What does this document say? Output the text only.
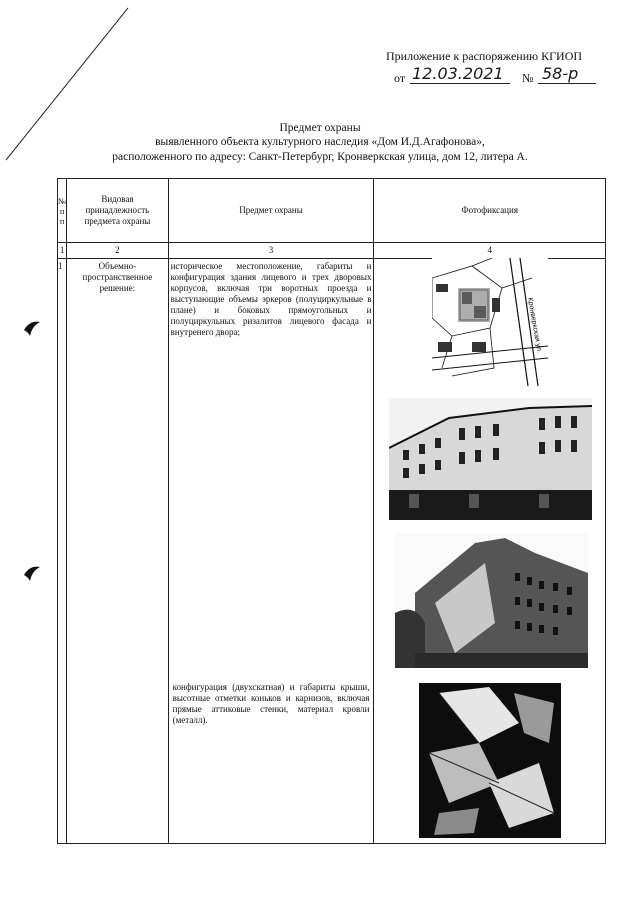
Приложение к распоряжению КГИОП
от 12.03.2021 № 58-р
Предмет охраны
выявленного объекта культурного наследия «Дом И.Д.Агафонова»,
расположенного по адресу: Санкт-Петербург, Кронверкская улица, дом 12, литера А.
№
п
п	Видовая принадлежность предмета охраны	Предмет охраны	Фотофиксация
1	2	3	4
1	Объемно-пространственное решение:	историческое местоположение, габариты и конфигурация здания лицевого и трех дворовых корпусов, включая три воротных проезда и выступающие объемы эркеров (полуциркульные в плане) и боковых прямоугольных и полуциркульных ризалитов лицевого фасада и внутренего двора;
конфигурация (двухскатная) и габариты крыши, высотные отметки коньков и карнизов, включая прямые аттиковые стенки, материал кровли (металл).	

Кронверкская ул.
